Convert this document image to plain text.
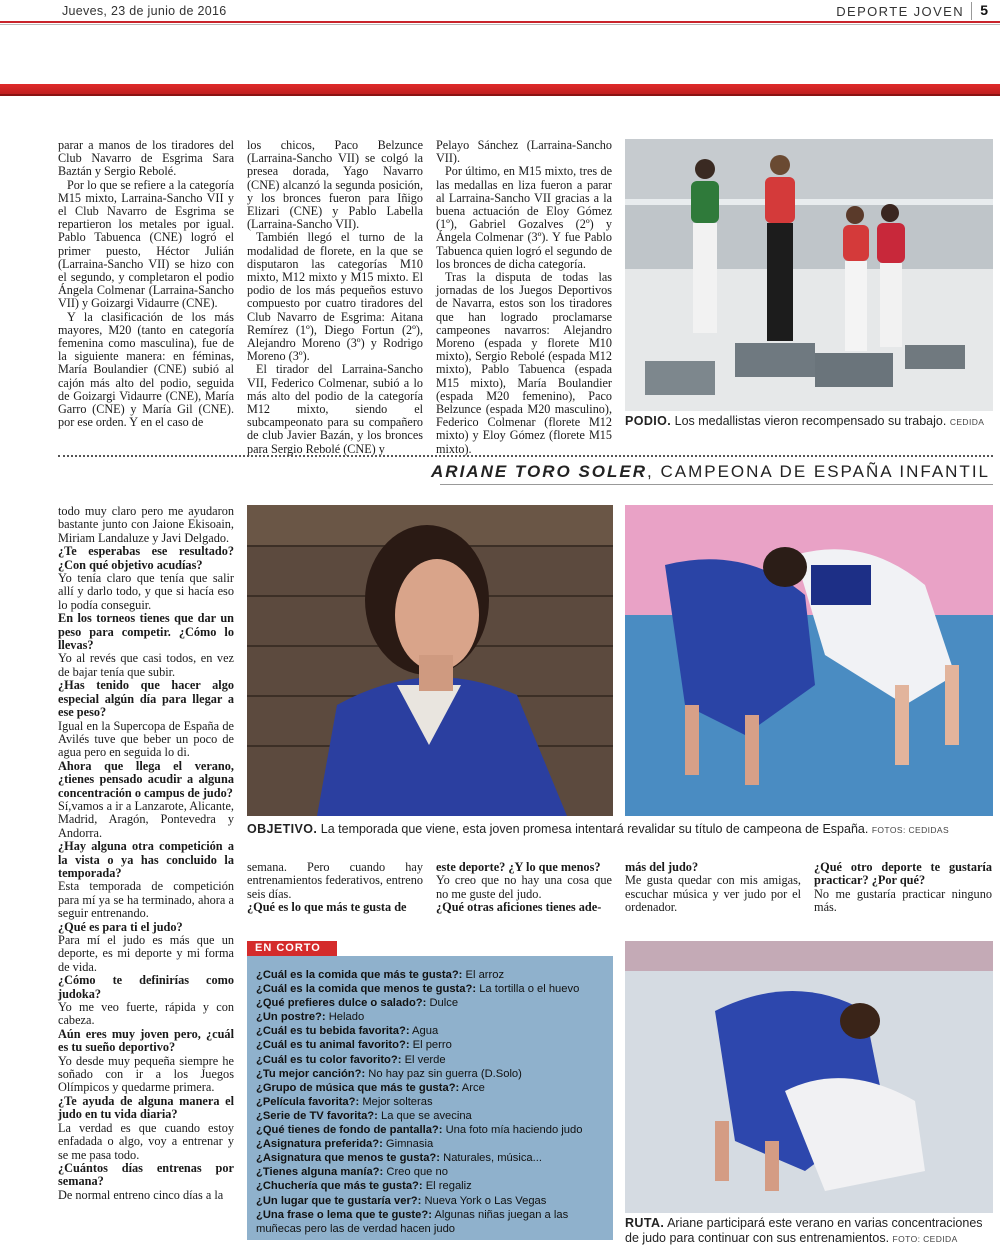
Jueves, 23 de junio de 2016	DEPORTE JOVEN 5

parar a manos de los tiradores del Club Navarro de Esgrima Sara Baztán y Sergio Rebolé.

Por lo que se refiere a la categoría M15 mixto, Larraina-Sancho VII y el Club Navarro de Esgrima se repartieron los metales por igual. Pablo Tabuenca (CNE) logró el primer puesto, Héctor Julián (Larraina-Sancho VII) se hizo con el segundo, y completaron el podio Ángela Colmenar (Larraina-Sancho VII) y Goizargi Vidaurre (CNE).

Y la clasificación de los más mayores, M20 (tanto en categoría femenina como masculina), fue de la siguiente manera: en féminas, María Boulandier (CNE) subió al cajón más alto del podio, seguida de Goizargi Vidaurre (CNE), María Garro (CNE) y María Gil (CNE). por ese orden. Y en el caso de

los chicos, Paco Belzunce (Larraina-Sancho VII) se colgó la presea dorada, Yago Navarro (CNE) alcanzó la segunda posición, y los bronces fueron para Iñigo Elizari (CNE) y Pablo Labella (Larraina-Sancho VII).

También llegó el turno de la modalidad de florete, en la que se disputaron las categorías M10 mixto, M12 mixto y M15 mixto. El podio de los más pequeños estuvo compuesto por cuatro tiradores del Club Navarro de Esgrima: Aitana Remírez (1º), Diego Fortun (2º), Alejandro Moreno (3º) y Rodrigo Moreno (3º).

El tirador del Larraina-Sancho VII, Federico Colmenar, subió a lo más alto del podio de la categoría M12 mixto, siendo el subcampeonato para su compañero de club Javier Bazán, y los bronces para Sergio Rebolé (CNE) y

Pelayo Sánchez (Larraina-Sancho VII).

Por último, en M15 mixto, tres de las medallas en liza fueron a parar al Larraina-Sancho VII gracias a la buena actuación de Eloy Gómez (1º), Gabriel Gozalves (2º) y Ángela Colmenar (3º). Y fue Pablo Tabuenca quien logró el segundo de los bronces de dicha categoría.

Tras la disputa de todas las jornadas de los Juegos Deportivos de Navarra, estos son los tiradores que han logrado proclamarse campeones navarros: Alejandro Moreno (espada y florete M10 mixto), Sergio Rebolé (espada M12 mixto), Pablo Tabuenca (espada M15 mixto), María Boulandier (espada M20 femenino), Paco Belzunce (espada M20 masculino), Federico Colmenar (florete M12 mixto) y Eloy Gómez (florete M15 mixto).

PODIO. Los medallistas vieron recompensado su trabajo. CEDIDA
ARIANE TORO SOLER, CAMPEONA DE ESPAÑA INFANTIL

todo muy claro pero me ayudaron bastante junto con Jaione Ekisoain, Miriam Landaluze y Javi Delgado.

¿Te esperabas ese resultado? ¿Con qué objetivo acudías?

Yo tenía claro que tenía que salir allí y darlo todo, y que si hacía eso lo podía conseguir.

En los torneos tienes que dar un peso para competir. ¿Cómo lo llevas?

Yo al revés que casi todos, en vez de bajar tenía que subir.

¿Has tenido que hacer algo especial algún día para llegar a ese peso?

Igual en la Supercopa de España de Avilés tuve que beber un poco de agua pero en seguida lo di.

Ahora que llega el verano, ¿tienes pensado acudir a alguna concentración o campus de judo?

Sí,vamos a ir a Lanzarote, Alicante, Madrid, Aragón, Pontevedra y Andorra.

¿Hay alguna otra competición a la vista o ya has concluido la temporada?

Esta temporada de competición para mí ya se ha terminado, ahora a seguir entrenando.

¿Qué es para ti el judo?

Para mí el judo es más que un deporte, es mi deporte y mi forma de vida.

¿Cómo te definirías como judoka?

Yo me veo fuerte, rápida y con cabeza.

Aún eres muy joven pero, ¿cuál es tu sueño deportivo?

Yo desde muy pequeña siempre he soñado con ir a los Juegos Olímpicos y quedarme primera.

¿Te ayuda de alguna manera el judo en tu vida diaria?

La verdad es que cuando estoy enfadada o algo, voy a entrenar y se me pasa todo.

¿Cuántos días entrenas por semana?

De normal entreno cinco días a la

OBJETIVO. La temporada que viene, esta joven promesa intentará revalidar su título de campeona de España. FOTOS: CEDIDAS

semana. Pero cuando hay entrenamientos federativos, entreno seis días.

¿Qué es lo que más te gusta de

este deporte? ¿Y lo que menos?

Yo creo que no hay una cosa que no me guste del judo.

¿Qué otras aficiones tienes ade-

más del judo?

Me gusta quedar con mis amigas, escuchar música y ver judo por el ordenador.

¿Qué otro deporte te gustaría practicar? ¿Por qué?

No me gustaría practicar ninguno más.

EN CORTO
¿Cuál es la comida que más te gusta?: El arroz
¿Cuál es la comida que menos te gusta?: La tortilla o el huevo
¿Qué prefieres dulce o salado?: Dulce
¿Un postre?: Helado
¿Cuál es tu bebida favorita?: Agua
¿Cuál es tu animal favorito?: El perro
¿Cuál es tu color favorito?: El verde
¿Tu mejor canción?: No hay paz sin guerra (D.Solo)
¿Grupo de música que más te gusta?: Arce
¿Película favorita?: Mejor solteras
¿Serie de TV favorita?: La que se avecina
¿Qué tienes de fondo de pantalla?: Una foto mía haciendo judo
¿Asignatura preferida?: Gimnasia
¿Asignatura que menos te gusta?: Naturales, música...
¿Tienes alguna manía?: Creo que no
¿Chuchería que más te gusta?: El regaliz
¿Un lugar que te gustaría ver?: Nueva York o Las Vegas
¿Una frase o lema que te guste?: Algunas niñas juegan a las muñecas pero las de verdad hacen judo	RUTA. Ariane participará este verano en varias concentraciones de judo para continuar con sus entrenamientos. FOTO: CEDIDA
